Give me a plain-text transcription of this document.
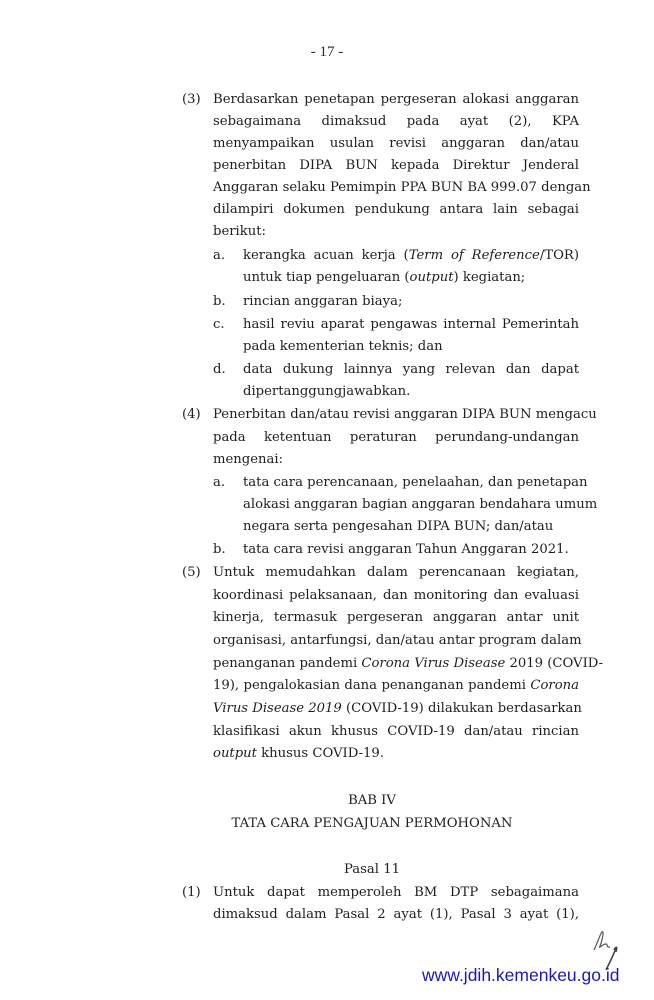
- 17 -
(3) Berdasarkan penetapan pergeseran alokasi anggaran
sebagaimana dimaksud pada ayat (2), KPA
menyampaikan usulan revisi anggaran dan/atau
penerbitan DIPA BUN kepada Direktur Jenderal
Anggaran selaku Pemimpin PPA BUN BA 999.07 dengan
dilampiri dokumen pendukung antara lain sebagai
berikut:
a. kerangka acuan kerja (Term of Reference/TOR)
untuk tiap pengeluaran (output) kegiatan;
b. rincian anggaran biaya;
c. hasil reviu aparat pengawas internal Pemerintah
pada kementerian teknis; dan
d. data dukung lainnya yang relevan dan dapat
dipertanggungjawabkan.
(4) Penerbitan dan/atau revisi anggaran DIPA BUN mengacu
pada ketentuan peraturan perundang-undangan
mengenai:
a. tata cara perencanaan, penelaahan, dan penetapan
alokasi anggaran bagian anggaran bendahara umum
negara serta pengesahan DIPA BUN; dan/atau
b. tata cara revisi anggaran Tahun Anggaran 2021.
(5) Untuk memudahkan dalam perencanaan kegiatan,
koordinasi pelaksanaan, dan monitoring dan evaluasi
kinerja, termasuk pergeseran anggaran antar unit
organisasi, antarfungsi, dan/atau antar program dalam
penanganan pandemi Corona Virus Disease 2019 (COVID-
19), pengalokasian dana penanganan pandemi Corona
Virus Disease 2019 (COVID-19) dilakukan berdasarkan
klasifikasi akun khusus COVID-19 dan/atau rincian
output khusus COVID-19.
BAB IV
TATA CARA PENGAJUAN PERMOHONAN
Pasal 11
(1) Untuk dapat memperoleh BM DTP sebagaimana
dimaksud dalam Pasal 2 ayat (1), Pasal 3 ayat (1),
www.jdih.kemenkeu.go.id
